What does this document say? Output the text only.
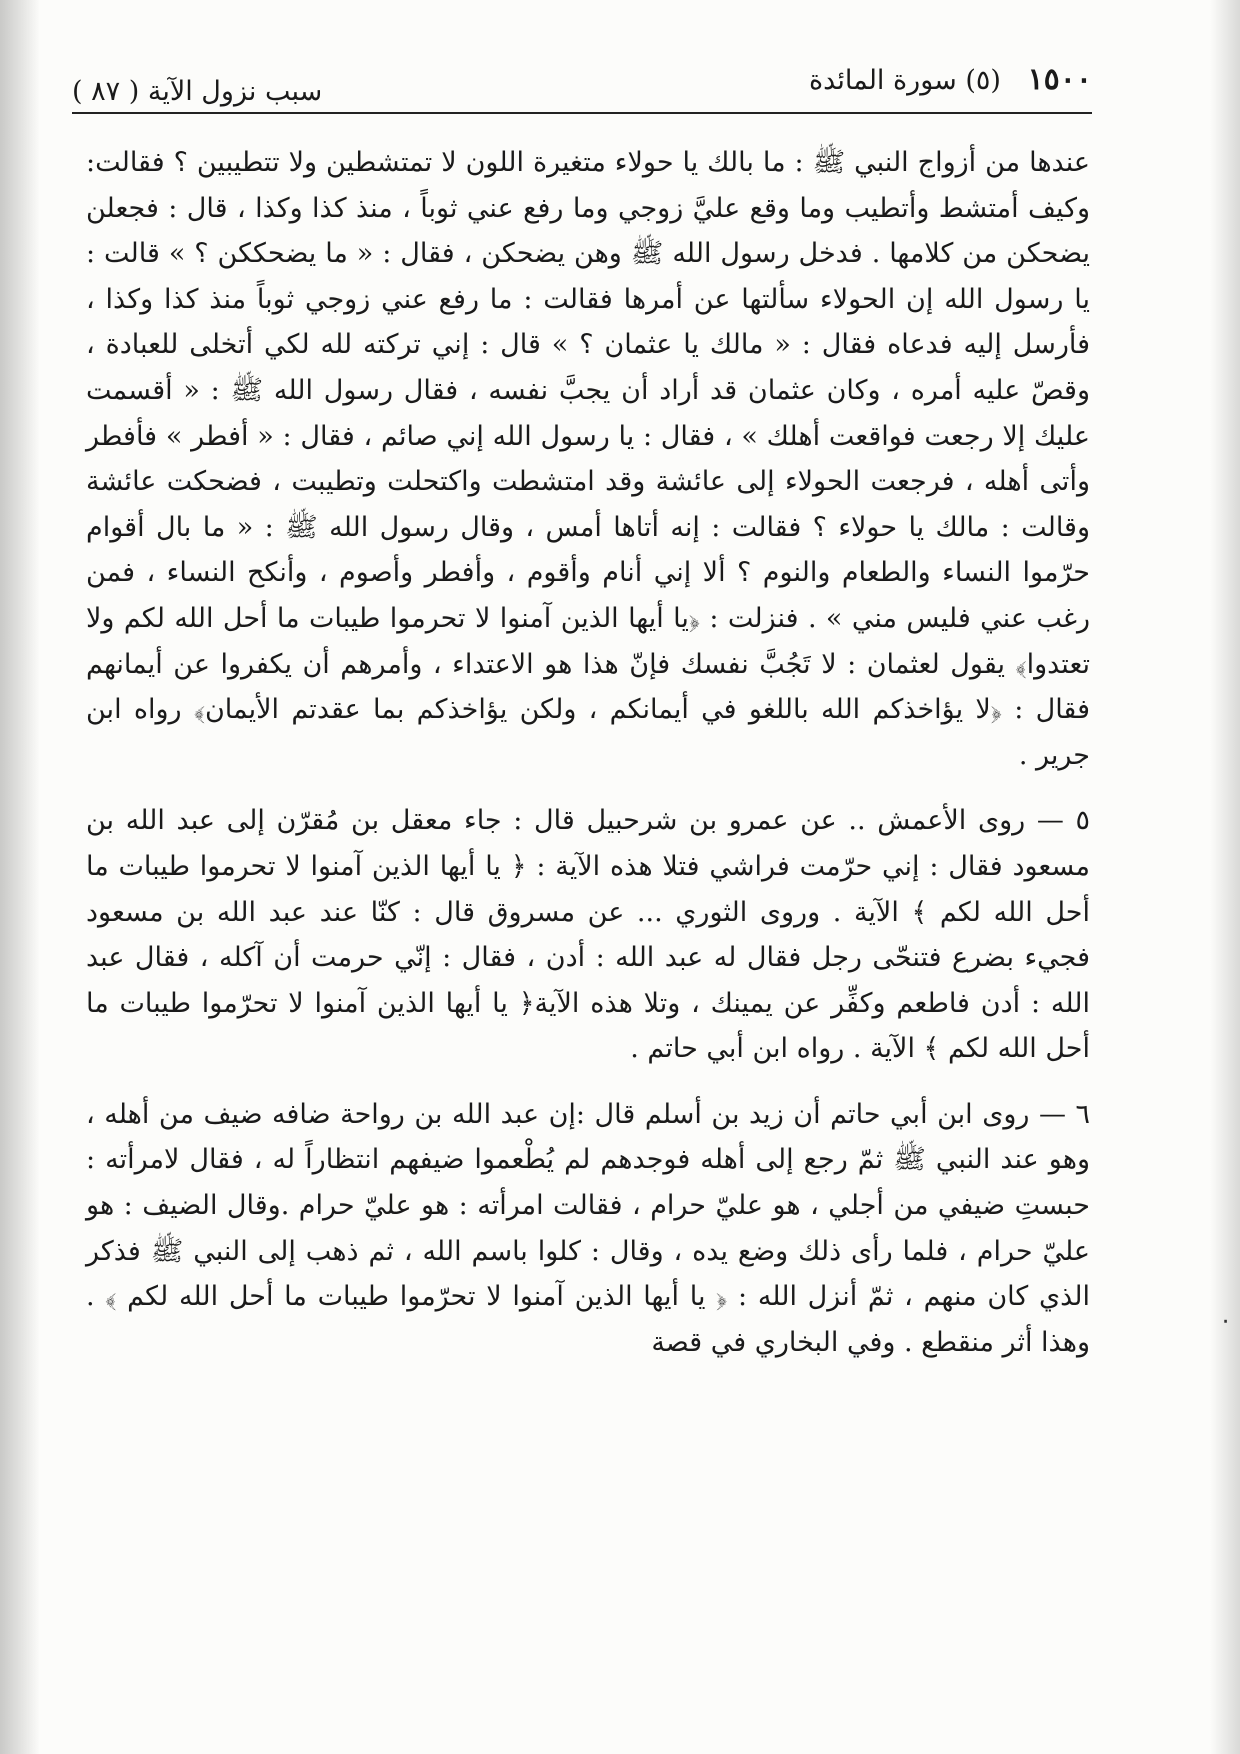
١٥٠٠ (٥) سورة المائدة
سبب نزول الآية ( ٨٧ )

عندها من أزواج النبي ﷺ : ما بالك يا حولاء متغيرة اللون لا تمتشطين ولا تتطيبين ؟ فقالت: وكيف أمتشط وأتطيب وما وقع عليَّ زوجي وما رفع عني ثوباً ، منذ كذا وكذا ، قال : فجعلن يضحكن من كلامها . فدخل رسول الله ﷺ وهن يضحكن ، فقال : « ما يضحككن ؟ » قالت : يا رسول الله إن الحولاء سألتها عن أمرها فقالت : ما رفع عني زوجي ثوباً منذ كذا وكذا ، فأرسل إليه فدعاه فقال : « مالك يا عثمان ؟ » قال : إني تركته لله لكي أتخلى للعبادة ، وقصّ عليه أمره ، وكان عثمان قد أراد أن يجبَّ نفسه ، فقال رسول الله ﷺ : « أقسمت عليك إلا رجعت فواقعت أهلك » ، فقال : يا رسول الله إني صائم ، فقال : « أفطر » فأفطر وأتى أهله ، فرجعت الحولاء إلى عائشة وقد امتشطت واكتحلت وتطيبت ، فضحكت عائشة وقالت : مالك يا حولاء ؟ فقالت : إنه أتاها أمس ، وقال رسول الله ﷺ : « ما بال أقوام حرّموا النساء والطعام والنوم ؟ ألا إني أنام وأقوم ، وأفطر وأصوم ، وأنكح النساء ، فمن رغب عني فليس مني » . فنزلت : ﴿يا أيها الذين آمنوا لا تحرموا طيبات ما أحل الله لكم ولا تعتدوا﴾ يقول لعثمان : لا تَجُبَّ نفسك فإنّ هذا هو الاعتداء ، وأمرهم أن يكفروا عن أيمانهم فقال : ﴿لا يؤاخذكم الله باللغو في أيمانكم ، ولكن يؤاخذكم بما عقدتم الأيمان﴾ رواه ابن جرير .

٥ — روى الأعمش .. عن عمرو بن شرحبيل قال : جاء معقل بن مُقرّن إلى عبد الله بن مسعود فقال : إني حرّمت فراشي فتلا هذه الآية : ﴿ يا أيها الذين آمنوا لا تحرموا طيبات ما أحل الله لكم ﴾ الآية . وروى الثوري ... عن مسروق قال : كنّا عند عبد الله بن مسعود فجيء بضرع فتنحّى رجل فقال له عبد الله : أدن ، فقال : إنّي حرمت أن آكله ، فقال عبد الله : أدن فاطعم وكفِّر عن يمينك ، وتلا هذه الآية﴿ يا أيها الذين آمنوا لا تحرّموا طيبات ما أحل الله لكم ﴾ الآية . رواه ابن أبي حاتم .

٦ — روى ابن أبي حاتم أن زيد بن أسلم قال :إن عبد الله بن رواحة ضافه ضيف من أهله ، وهو عند النبي ﷺ ثمّ رجع إلى أهله فوجدهم لم يُطْعموا ضيفهم انتظاراً له ، فقال لامرأته : حبستِ ضيفي من أجلي ، هو عليّ حرام ، فقالت امرأته : هو عليّ حرام .وقال الضيف : هو عليّ حرام ، فلما رأى ذلك وضع يده ، وقال : كلوا باسم الله ، ثم ذهب إلى النبي ﷺ فذكر الذي كان منهم ، ثمّ أنزل الله : ﴿ يا أيها الذين آمنوا لا تحرّموا طيبات ما أحل الله لكم ﴾ . وهذا أثر منقطع . وفي البخاري في قصة

٠
